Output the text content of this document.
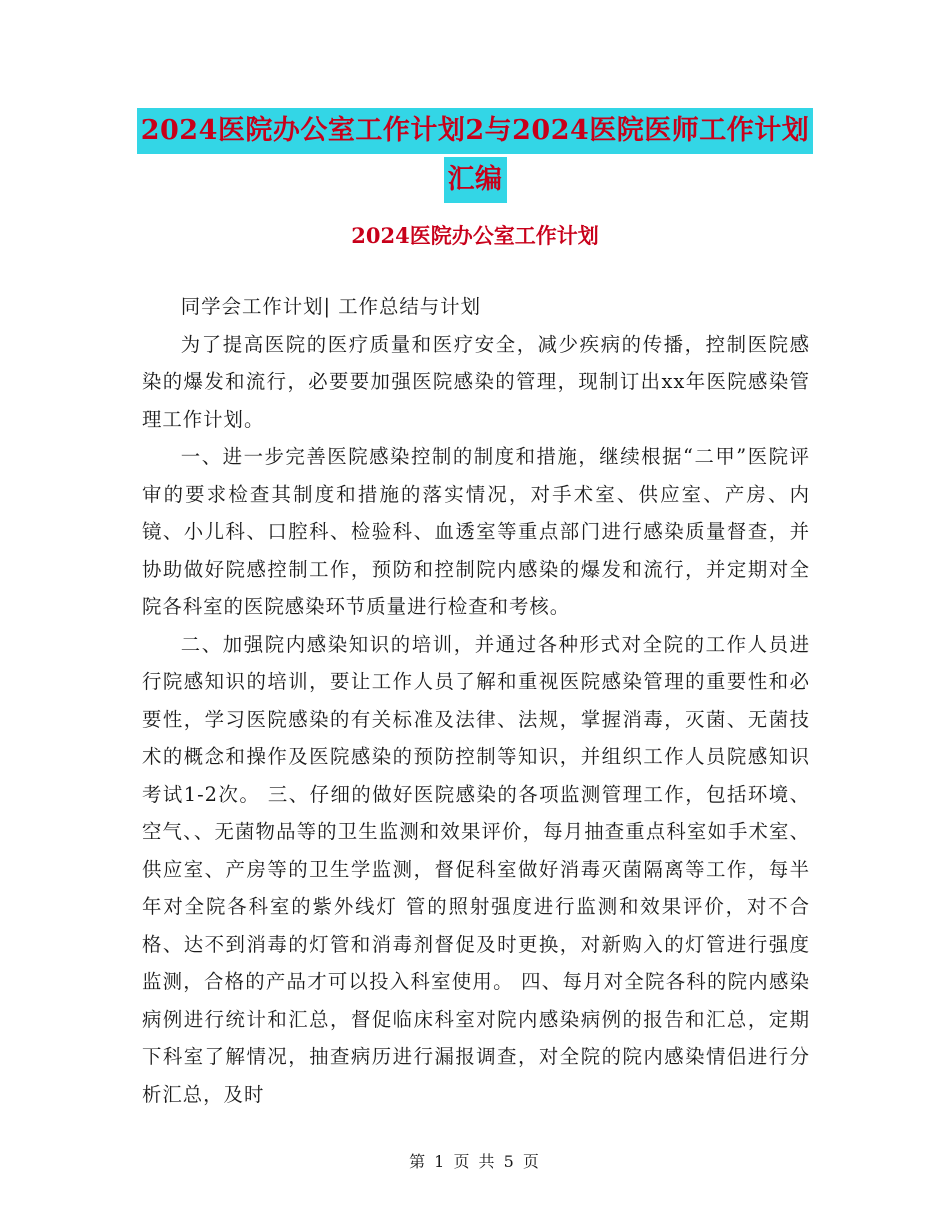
2024医院办公室工作计划2与2024医院医师工作计划
汇编
2024医院办公室工作计划

同学会工作计划| 工作总结与计划

为了提高医院的医疗质量和医疗安全，减少疾病的传播，控制医院感染的爆发和流行，必要要加强医院感染的管理，现制订出xx年医院感染管理工作计划。

一、进一步完善医院感染控制的制度和措施，继续根据“二甲”医院评 审的要求检查其制度和措施的落实情况，对手术室、供应室、产房、内镜、小儿科、口腔科、检验科、血透室等重点部门进行感染质量督查，并协助做好院感控制工作，预防和控制院内感染的爆发和流行，并定期对全院各科室的医院感染环节质量进行检查和考核。

二、加强院内感染知识的培训，并通过各种形式对全院的工作人员进行院感知识的培训，要让工作人员了解和重视医院感染管理的重要性和必要性，学习医院感染的有关标准及法律、法规，掌握消毒，灭菌、无菌技术的概念和操作及医院感染的预防控制等知识，并组织工作人员院感知识考试1-2次。 三、仔细的做好医院感染的各项监测管理工作，包括环境、空气、、无菌物品等的卫生监测和效果评价，每月抽查重点科室如手术室、供应室、产房等的卫生学监测，督促科室做好消毒灭菌隔离等工作，每半年对全院各科室的紫外线灯 管的照射强度进行监测和效果评价，对不合格、达不到消毒的灯管和消毒剂督促及时更换，对新购入的灯管进行强度监测，合格的产品才可以投入科室使用。 四、每月对全院各科的院内感染病例进行统计和汇总，督促临床科室对院内感染病例的报告和汇总，定期下科室了解情况，抽查病历进行漏报调查，对全院的院内感染情侣进行分析汇总，及时

第 1 页 共 5 页
